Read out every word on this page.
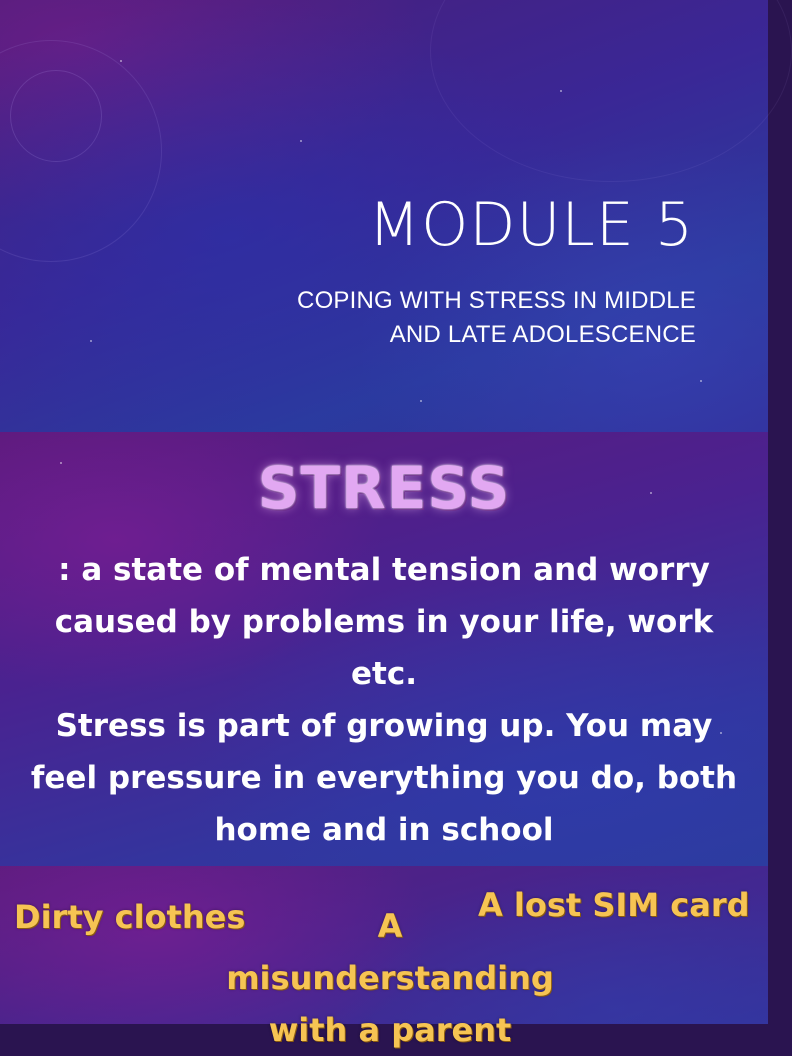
MODULE 5
COPING WITH STRESS IN MIDDLE
AND LATE ADOLESCENCE
STRESS

: a state of mental tension and worry

caused by problems in your life, work

etc.

Stress is part of growing up. You may

feel pressure in everything you do, both

home and in school

Dirty clothes	A lost SIM card

A
misunderstanding
with a parent
